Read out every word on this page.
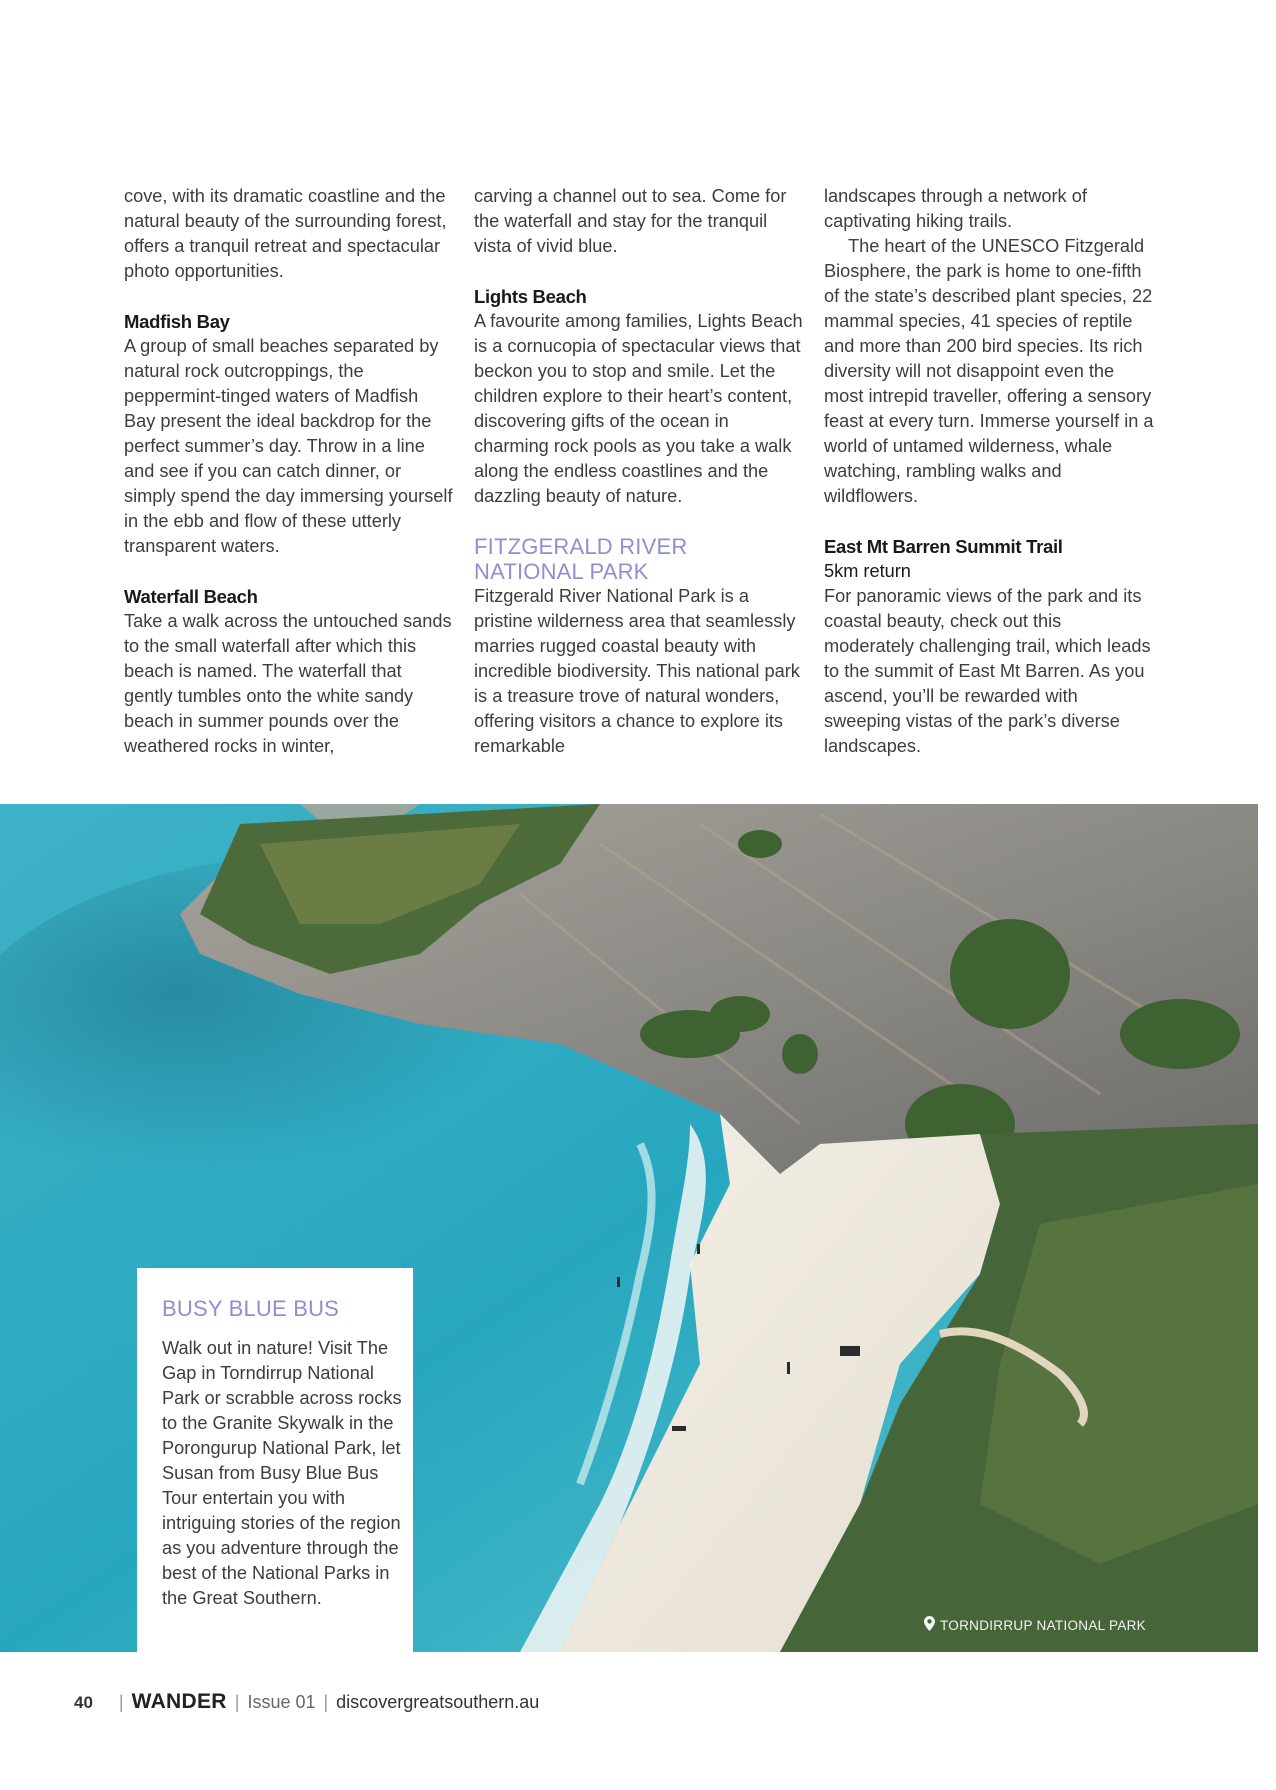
cove, with its dramatic coastline and the natural beauty of the surrounding forest, offers a tranquil retreat and spectacular photo opportunities.

Madfish Bay

A group of small beaches separated by natural rock outcroppings, the peppermint-tinged waters of Madfish Bay present the ideal backdrop for the perfect summer’s day. Throw in a line and see if you can catch dinner, or simply spend the day immersing yourself in the ebb and flow of these utterly transparent waters.

Waterfall Beach

Take a walk across the untouched sands to the small waterfall after which this beach is named. The waterfall that gently tumbles onto the white sandy beach in summer pounds over the weathered rocks in winter,

carving a channel out to sea. Come for the waterfall and stay for the tranquil vista of vivid blue.

Lights Beach

A favourite among families, Lights Beach is a cornucopia of spectacular views that beckon you to stop and smile. Let the children explore to their heart’s content, discovering gifts of the ocean in charming rock pools as you take a walk along the endless coastlines and the dazzling beauty of nature.

FITZGERALD RIVER
NATIONAL PARK

Fitzgerald River National Park is a pristine wilderness area that seamlessly marries rugged coastal beauty with incredible biodiversity. This national park is a treasure trove of natural wonders, offering visitors a chance to explore its remarkable

landscapes through a network of captivating hiking trails.

The heart of the UNESCO Fitzgerald Biosphere, the park is home to one-fifth of the state’s described plant species, 22 mammal species, 41 species of reptile and more than 200 bird species. Its rich diversity will not disappoint even the most intrepid traveller, offering a sensory feast at every turn. Immerse yourself in a world of untamed wilderness, whale watching, rambling walks and wildflowers.

East Mt Barren Summit Trail

5km return

For panoramic views of the park and its coastal beauty, check out this moderately challenging trail, which leads to the summit of East Mt Barren. As you ascend, you’ll be rewarded with sweeping vistas of the park’s diverse landscapes.

BUSY BLUE BUS

Walk out in nature! Visit The Gap in Torndirrup National Park or scrabble across rocks to the Granite Skywalk in the Porongurup National Park, let Susan from Busy Blue Bus Tour entertain you with intriguing stories of the region as you adventure through the best of the National Parks in the Great Southern.

TORNDIRRUP NATIONAL PARK
40 | WANDER | Issue 01 | discovergreatsouthern.au
